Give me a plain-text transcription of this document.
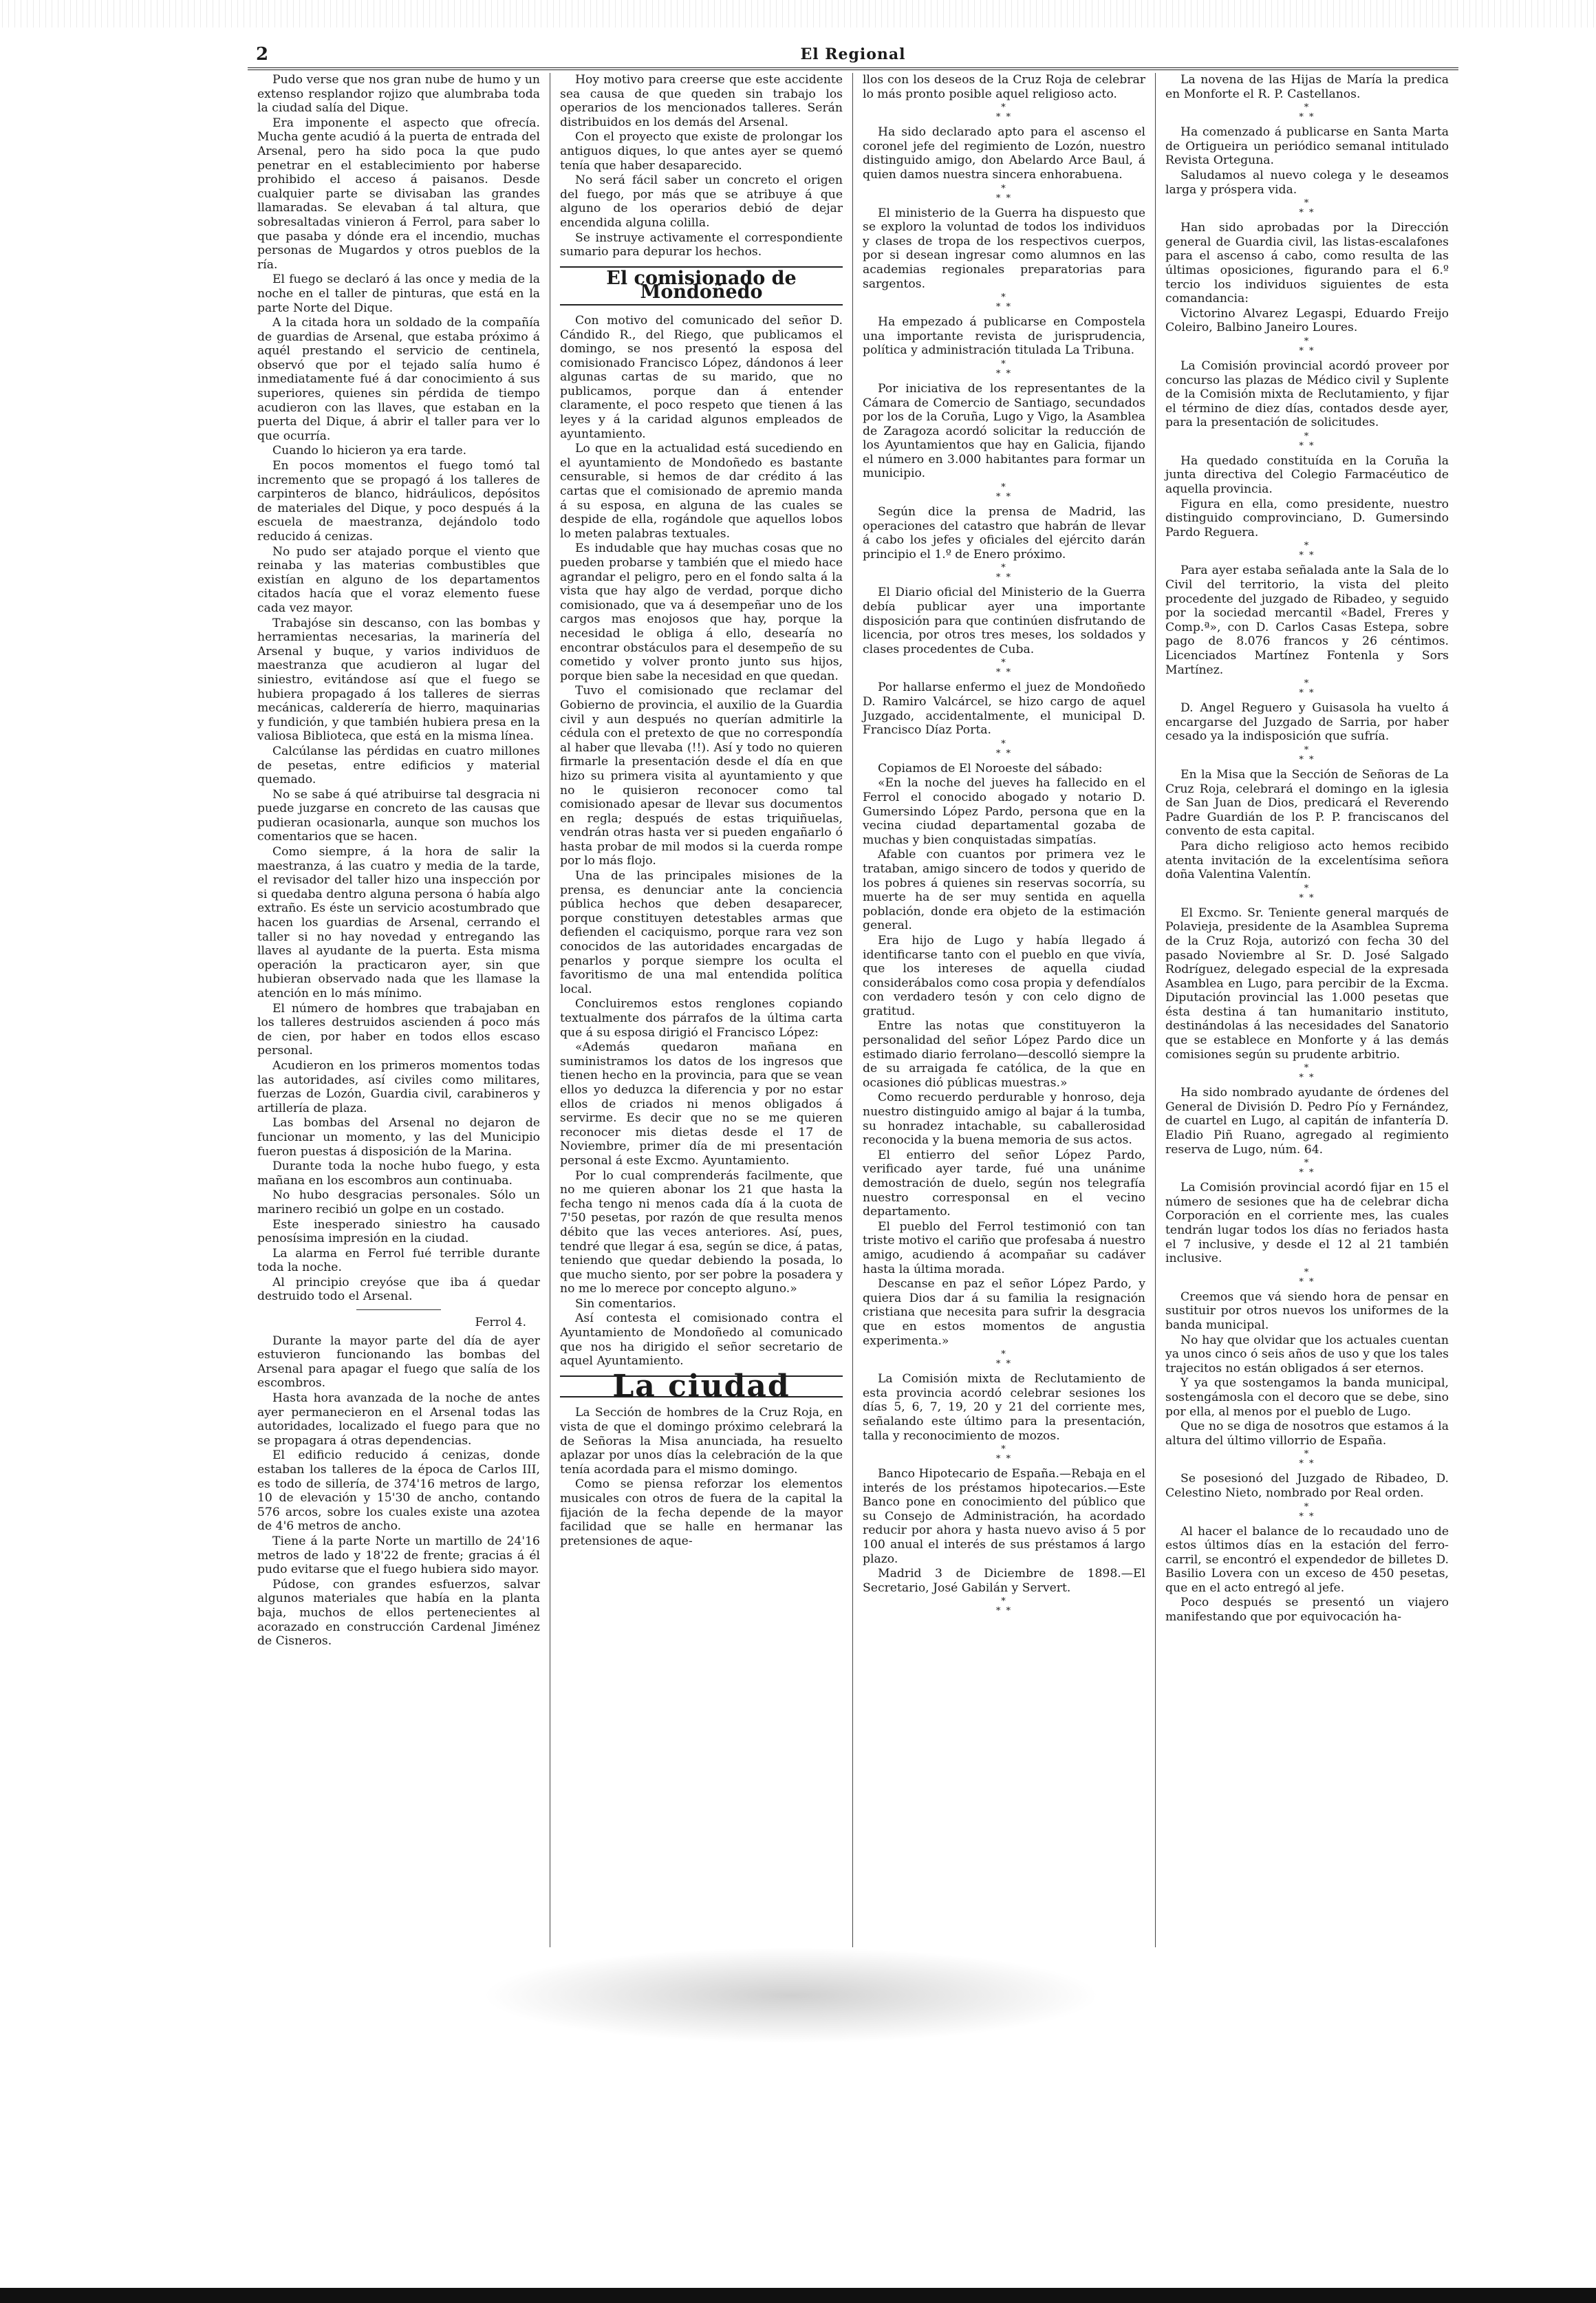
2	El Regional

Pudo verse que nos gran nube de humo y un extenso resplandor rojizo que alumbraba toda la ciudad salía del Dique.

Era imponente el aspecto que ofrecía. Mucha gente acudió á la puerta de entrada del Arsenal, pero ha sido poca la que pudo penetrar en el establecimiento por haberse prohibido el acceso á paisanos. Desde cualquier parte se divisaban las grandes llamaradas. Se elevaban á tal altura, que sobresaltadas vinieron á Ferrol, para saber lo que pasaba y dónde era el incendio, muchas personas de Mugardos y otros pueblos de la ría.

El fuego se declaró á las once y media de la noche en el taller de pinturas, que está en la parte Norte del Dique.

A la citada hora un soldado de la compañía de guardias de Arsenal, que estaba próximo á aquél prestando el servicio de centinela, observó que por el tejado salía humo é inmediatamente fué á dar conocimiento á sus superiores, quienes sin pérdida de tiempo acudieron con las llaves, que estaban en la puerta del Dique, á abrir el taller para ver lo que ocurría.

Cuando lo hicieron ya era tarde.

En pocos momentos el fuego tomó tal incremento que se propagó á los talleres de carpinteros de blanco, hidráulicos, depósitos de materiales del Dique, y poco después á la escuela de maestranza, dejándolo todo reducido á cenizas.

No pudo ser atajado porque el viento que reinaba y las materias combustibles que existían en alguno de los departamentos citados hacía que el voraz elemento fuese cada vez mayor.

Trabajóse sin descanso, con las bombas y herramientas necesarias, la marinería del Arsenal y buque, y varios individuos de maestranza que acudieron al lugar del siniestro, evitándose así que el fuego se hubiera propagado á los talleres de sierras mecánicas, calderería de hierro, maquinarias y fundición, y que también hubiera presa en la valiosa Biblioteca, que está en la misma línea.

Calcúlanse las pérdidas en cuatro millones de pesetas, entre edificios y material quemado.

No se sabe á qué atribuirse tal desgracia ni puede juzgarse en concreto de las causas que pudieran ocasionarla, aunque son muchos los comentarios que se hacen.

Como siempre, á la hora de salir la maestranza, á las cuatro y media de la tarde, el revisador del taller hizo una inspección por si quedaba dentro alguna persona ó había algo extraño. Es éste un servicio acostumbrado que hacen los guardias de Arsenal, cerrando el taller si no hay novedad y entregando las llaves al ayudante de la puerta. Esta misma operación la practicaron ayer, sin que hubieran observado nada que les llamase la atención en lo más mínimo.

El número de hombres que trabajaban en los talleres destruidos ascienden á poco más de cien, por haber en todos ellos escaso personal.

Acudieron en los primeros momentos todas las autoridades, así civiles como militares, fuerzas de Lozón, Guardia civil, carabineros y artillería de plaza.

Las bombas del Arsenal no dejaron de funcionar un momento, y las del Municipio fueron puestas á disposición de la Marina.

Durante toda la noche hubo fuego, y esta mañana en los escombros aun continuaba.

No hubo desgracias personales. Sólo un marinero recibió un golpe en un costado.

Este inesperado siniestro ha causado penosísima impresión en la ciudad.

La alarma en Ferrol fué terrible durante toda la noche.

Al principio creyóse que iba á quedar destruido todo el Arsenal.

Ferrol 4.

Durante la mayor parte del día de ayer estuvieron funcionando las bombas del Arsenal para apagar el fuego que salía de los escombros.

Hasta hora avanzada de la noche de antes ayer permanecieron en el Arsenal todas las autoridades, localizado el fuego para que no se propagara á otras dependencias.

El edificio reducido á cenizas, donde estaban los talleres de la época de Carlos III, es todo de sillería, de 374'16 metros de largo, 10 de elevación y 15'30 de ancho, contando 576 arcos, sobre los cuales existe una azotea de 4'6 metros de ancho.

Tiene á la parte Norte un martillo de 24'16 metros de lado y 18'22 de frente; gracias á él pudo evitarse que el fuego hubiera sido mayor.

Púdose, con grandes esfuerzos, salvar algunos materiales que había en la planta baja, muchos de ellos pertenecientes al acorazado en construcción Cardenal Jiménez de Cisneros.

Hoy motivo para creerse que este accidente sea causa de que queden sin trabajo los operarios de los mencionados talleres. Serán distribuidos en los demás del Arsenal.

Con el proyecto que existe de prolongar los antiguos diques, lo que antes ayer se quemó tenía que haber desaparecido.

No será fácil saber un concreto el origen del fuego, por más que se atribuye á que alguno de los operarios debió de dejar encendida alguna colilla.

Se instruye activamente el correspondiente sumario para depurar los hechos.

El comisionado de Mondoñedo

Con motivo del comunicado del señor D. Cándido R., del Riego, que publicamos el domingo, se nos presentó la esposa del comisionado Francisco López, dándonos á leer algunas cartas de su marido, que no publicamos, porque dan á entender claramente, el poco respeto que tienen á las leyes y á la caridad algunos empleados de ayuntamiento.

Lo que en la actualidad está sucediendo en el ayuntamiento de Mondoñedo es bastante censurable, si hemos de dar crédito á las cartas que el comisionado de apremio manda á su esposa, en alguna de las cuales se despide de ella, rogándole que aquellos lobos lo meten palabras textuales.

Es indudable que hay muchas cosas que no pueden probarse y también que el miedo hace agrandar el peligro, pero en el fondo salta á la vista que hay algo de verdad, porque dicho comisionado, que va á desempeñar uno de los cargos mas enojosos que hay, porque la necesidad le obliga á ello, desearía no encontrar obstáculos para el desempeño de su cometido y volver pronto junto sus hijos, porque bien sabe la necesidad en que quedan.

Tuvo el comisionado que reclamar del Gobierno de provincia, el auxilio de la Guardia civil y aun después no querían admitirle la cédula con el pretexto de que no correspondía al haber que llevaba (!!). Así y todo no quieren firmarle la presentación desde el día en que hizo su primera visita al ayuntamiento y que no le quisieron reconocer como tal comisionado apesar de llevar sus documentos en regla; después de estas triquiñuelas, vendrán otras hasta ver si pueden engañarlo ó hasta probar de mil modos si la cuerda rompe por lo más flojo.

Una de las principales misiones de la prensa, es denunciar ante la conciencia pública hechos que deben desaparecer, porque constituyen detestables armas que defienden el caciquismo, porque rara vez son conocidos de las autoridades encargadas de penarlos y porque siempre los oculta el favoritismo de una mal entendida política local.

Concluiremos estos renglones copiando textualmente dos párrafos de la última carta que á su esposa dirigió el Francisco López:

«Además quedaron mañana en suministramos los datos de los ingresos que tienen hecho en la provincia, para que se vean ellos yo deduzca la diferencia y por no estar ellos de criados ni menos obligados á servirme. Es decir que no se me quieren reconocer mis dietas desde el 17 de Noviembre, primer día de mi presentación personal á este Excmo. Ayuntamiento.

Por lo cual comprenderás facilmente, que no me quieren abonar los 21 que hasta la fecha tengo ni menos cada día á la cuota de 7'50 pesetas, por razón de que resulta menos débito que las veces anteriores. Así, pues, tendré que llegar á esa, según se dice, á patas, teniendo que quedar debiendo la posada, lo que mucho siento, por ser pobre la posadera y no me lo merece por concepto alguno.»

Sin comentarios.

Así contesta el comisionado contra el Ayuntamiento de Mondoñedo al comunicado que nos ha dirigido el señor secretario de aquel Ayuntamiento.

La ciudad

La Sección de hombres de la Cruz Roja, en vista de que el domingo próximo celebrará la de Señoras la Misa anunciada, ha resuelto aplazar por unos días la celebración de la que tenía acordada para el mismo domingo.

Como se piensa reforzar los elementos musicales con otros de fuera de la capital la fijación de la fecha depende de la mayor facilidad que se halle en hermanar las pretensiones de aque-

llos con los deseos de la Cruz Roja de celebrar lo más pronto posible aquel religioso acto.

*
* *

Ha sido declarado apto para el ascenso el coronel jefe del regimiento de Lozón, nuestro distinguido amigo, don Abelardo Arce Baul, á quien damos nuestra sincera enhorabuena.

*
* *

El ministerio de la Guerra ha dispuesto que se exploro la voluntad de todos los individuos y clases de tropa de los respectivos cuerpos, por si desean ingresar como alumnos en las academias regionales preparatorias para sargentos.

*
* *

Ha empezado á publicarse en Compostela una importante revista de jurisprudencia, política y administración titulada La Tribuna.

*
* *

Por iniciativa de los representantes de la Cámara de Comercio de Santiago, secundados por los de la Coruña, Lugo y Vigo, la Asamblea de Zaragoza acordó solicitar la reducción de los Ayuntamientos que hay en Galicia, fijando el número en 3.000 habitantes para formar un municipio.

*
* *

Según dice la prensa de Madrid, las operaciones del catastro que habrán de llevar á cabo los jefes y oficiales del ejército darán principio el 1.º de Enero próximo.

*
* *

El Diario oficial del Ministerio de la Guerra debía publicar ayer una importante disposición para que continúen disfrutando de licencia, por otros tres meses, los soldados y clases procedentes de Cuba.

*
* *

Por hallarse enfermo el juez de Mondoñedo D. Ramiro Valcárcel, se hizo cargo de aquel Juzgado, accidentalmente, el municipal D. Francisco Díaz Porta.

*
* *

Copiamos de El Noroeste del sábado:

«En la noche del jueves ha fallecido en el Ferrol el conocido abogado y notario D. Gumersindo López Pardo, persona que en la vecina ciudad departamental gozaba de muchas y bien conquistadas simpatías.

Afable con cuantos por primera vez le trataban, amigo sincero de todos y querido de los pobres á quienes sin reservas socorría, su muerte ha de ser muy sentida en aquella población, donde era objeto de la estimación general.

Era hijo de Lugo y había llegado á identificarse tanto con el pueblo en que vivía, que los intereses de aquella ciudad considerábalos como cosa propia y defendíalos con verdadero tesón y con celo digno de gratitud.

Entre las notas que constituyeron la personalidad del señor López Pardo dice un estimado diario ferrolano—descolló siempre la de su arraigada fe católica, de la que en ocasiones dió públicas muestras.»

Como recuerdo perdurable y honroso, deja nuestro distinguido amigo al bajar á la tumba, su honradez intachable, su caballerosidad reconocida y la buena memoria de sus actos.

El entierro del señor López Pardo, verificado ayer tarde, fué una unánime demostración de duelo, según nos telegrafía nuestro corresponsal en el vecino departamento.

El pueblo del Ferrol testimonió con tan triste motivo el cariño que profesaba á nuestro amigo, acudiendo á acompañar su cadáver hasta la última morada.

Descanse en paz el señor López Pardo, y quiera Dios dar á su familia la resignación cristiana que necesita para sufrir la desgracia que en estos momentos de angustia experimenta.»

*
* *

La Comisión mixta de Reclutamiento de esta provincia acordó celebrar sesiones los días 5, 6, 7, 19, 20 y 21 del corriente mes, señalando este último para la presentación, talla y reconocimiento de mozos.

*
* *

Banco Hipotecario de España.—Rebaja en el interés de los préstamos hipotecarios.—Este Banco pone en conocimiento del público que su Consejo de Administración, ha acordado reducir por ahora y hasta nuevo aviso á 5 por 100 anual el interés de sus préstamos á largo plazo.

Madrid 3 de Diciembre de 1898.—El Secretario, José Gabilán y Servert.

*
* *

La novena de las Hijas de María la predica en Monforte el R. P. Castellanos.

*
* *

Ha comenzado á publicarse en Santa Marta de Ortigueira un periódico semanal intitulado Revista Orteguna.

Saludamos al nuevo colega y le deseamos larga y próspera vida.

*
* *

Han sido aprobadas por la Dirección general de Guardia civil, las listas-escalafones para el ascenso á cabo, como resulta de las últimas oposiciones, figurando para el 6.º tercio los individuos siguientes de esta comandancia:

Victorino Alvarez Legaspi, Eduardo Freijo Coleiro, Balbino Janeiro Loures.

*
* *

La Comisión provincial acordó proveer por concurso las plazas de Médico civil y Suplente de la Comisión mixta de Reclutamiento, y fijar el término de diez días, contados desde ayer, para la presentación de solicitudes.

*
* *

Ha quedado constituída en la Coruña la junta directiva del Colegio Farmacéutico de aquella provincia.

Figura en ella, como presidente, nuestro distinguido comprovinciano, D. Gumersindo Pardo Reguera.

*
* *

Para ayer estaba señalada ante la Sala de lo Civil del territorio, la vista del pleito procedente del juzgado de Ribadeo, y seguido por la sociedad mercantil «Badel, Freres y Comp.ª», con D. Carlos Casas Estepa, sobre pago de 8.076 francos y 26 céntimos. Licenciados Martínez Fontenla y Sors Martínez.

*
* *

D. Angel Reguero y Guisasola ha vuelto á encargarse del Juzgado de Sarria, por haber cesado ya la indisposición que sufría.

*
* *

En la Misa que la Sección de Señoras de La Cruz Roja, celebrará el domingo en la iglesia de San Juan de Dios, predicará el Reverendo Padre Guardián de los P. P. franciscanos del convento de esta capital.

Para dicho religioso acto hemos recibido atenta invitación de la excelentísima señora doña Valentina Valentín.

*
* *

El Excmo. Sr. Teniente general marqués de Polavieja, presidente de la Asamblea Suprema de la Cruz Roja, autorizó con fecha 30 del pasado Noviembre al Sr. D. José Salgado Rodríguez, delegado especial de la expresada Asamblea en Lugo, para percibir de la Excma. Diputación provincial las 1.000 pesetas que ésta destina á tan humanitario instituto, destinándolas á las necesidades del Sanatorio que se establece en Monforte y á las demás comisiones según su prudente arbitrio.

*
* *

Ha sido nombrado ayudante de órdenes del General de División D. Pedro Pío y Fernández, de cuartel en Lugo, al capitán de infantería D. Eladio Piñ Ruano, agregado al regimiento reserva de Lugo, núm. 64.

*
* *

La Comisión provincial acordó fijar en 15 el número de sesiones que ha de celebrar dicha Corporación en el corriente mes, las cuales tendrán lugar todos los días no feriados hasta el 7 inclusive, y desde el 12 al 21 también inclusive.

*
* *

Creemos que vá siendo hora de pensar en sustituir por otros nuevos los uniformes de la banda municipal.

No hay que olvidar que los actuales cuentan ya unos cinco ó seis años de uso y que los tales trajecitos no están obligados á ser eternos.

Y ya que sostengamos la banda municipal, sostengámosla con el decoro que se debe, sino por ella, al menos por el pueblo de Lugo.

Que no se diga de nosotros que estamos á la altura del último villorrio de España.

*
* *

Se posesionó del Juzgado de Ribadeo, D. Celestino Nieto, nombrado por Real orden.

*
* *

Al hacer el balance de lo recaudado uno de estos últimos días en la estación del ferro-carril, se encontró el expendedor de billetes D. Basilio Lovera con un exceso de 450 pesetas, que en el acto entregó al jefe.

Poco después se presentó un viajero manifestando que por equivocación ha-
